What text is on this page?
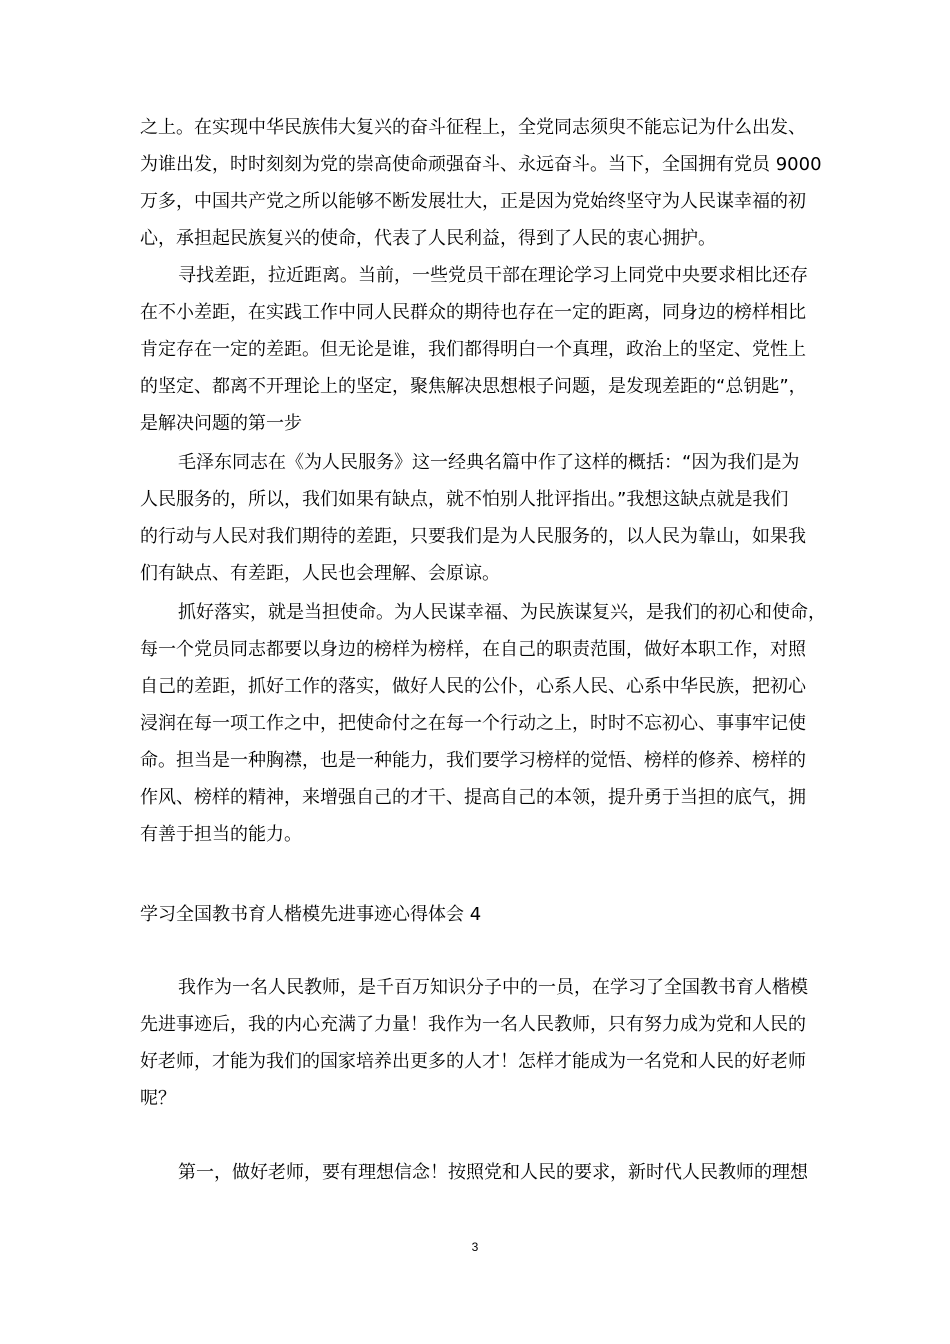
之上。在实现中华民族伟大复兴的奋斗征程上，全党同志须臾不能忘记为什么出发、
为谁出发，时时刻刻为党的崇高使命顽强奋斗、永远奋斗。当下，全国拥有党员 9000
万多，中国共产党之所以能够不断发展壮大，正是因为党始终坚守为人民谋幸福的初
心，承担起民族复兴的使命，代表了人民利益，得到了人民的衷心拥护。
寻找差距，拉近距离。当前，一些党员干部在理论学习上同党中央要求相比还存
在不小差距，在实践工作中同人民群众的期待也存在一定的距离，同身边的榜样相比
肯定存在一定的差距。但无论是谁，我们都得明白一个真理，政治上的坚定、党性上
的坚定、都离不开理论上的坚定，聚焦解决思想根子问题，是发现差距的“总钥匙”，
是解决问题的第一步
毛泽东同志在《为人民服务》这一经典名篇中作了这样的概括：“因为我们是为
人民服务的，所以，我们如果有缺点，就不怕别人批评指出。”我想这缺点就是我们
的行动与人民对我们期待的差距，只要我们是为人民服务的，以人民为靠山，如果我
们有缺点、有差距，人民也会理解、会原谅。
抓好落实，就是当担使命。为人民谋幸福、为民族谋复兴，是我们的初心和使命，
每一个党员同志都要以身边的榜样为榜样，在自己的职责范围，做好本职工作，对照
自己的差距，抓好工作的落实，做好人民的公仆，心系人民、心系中华民族，把初心
浸润在每一项工作之中，把使命付之在每一个行动之上，时时不忘初心、事事牢记使
命。担当是一种胸襟，也是一种能力，我们要学习榜样的觉悟、榜样的修养、榜样的
作风、榜样的精神，来增强自己的才干、提高自己的本领，提升勇于当担的底气，拥
有善于担当的能力。
学习全国教书育人楷模先进事迹心得体会 4
我作为一名人民教师，是千百万知识分子中的一员，在学习了全国教书育人楷模
先进事迹后，我的内心充满了力量！我作为一名人民教师，只有努力成为党和人民的
好老师，才能为我们的国家培养出更多的人才！怎样才能成为一名党和人民的好老师
呢？
第一，做好老师，要有理想信念！按照党和人民的要求，新时代人民教师的理想
3
